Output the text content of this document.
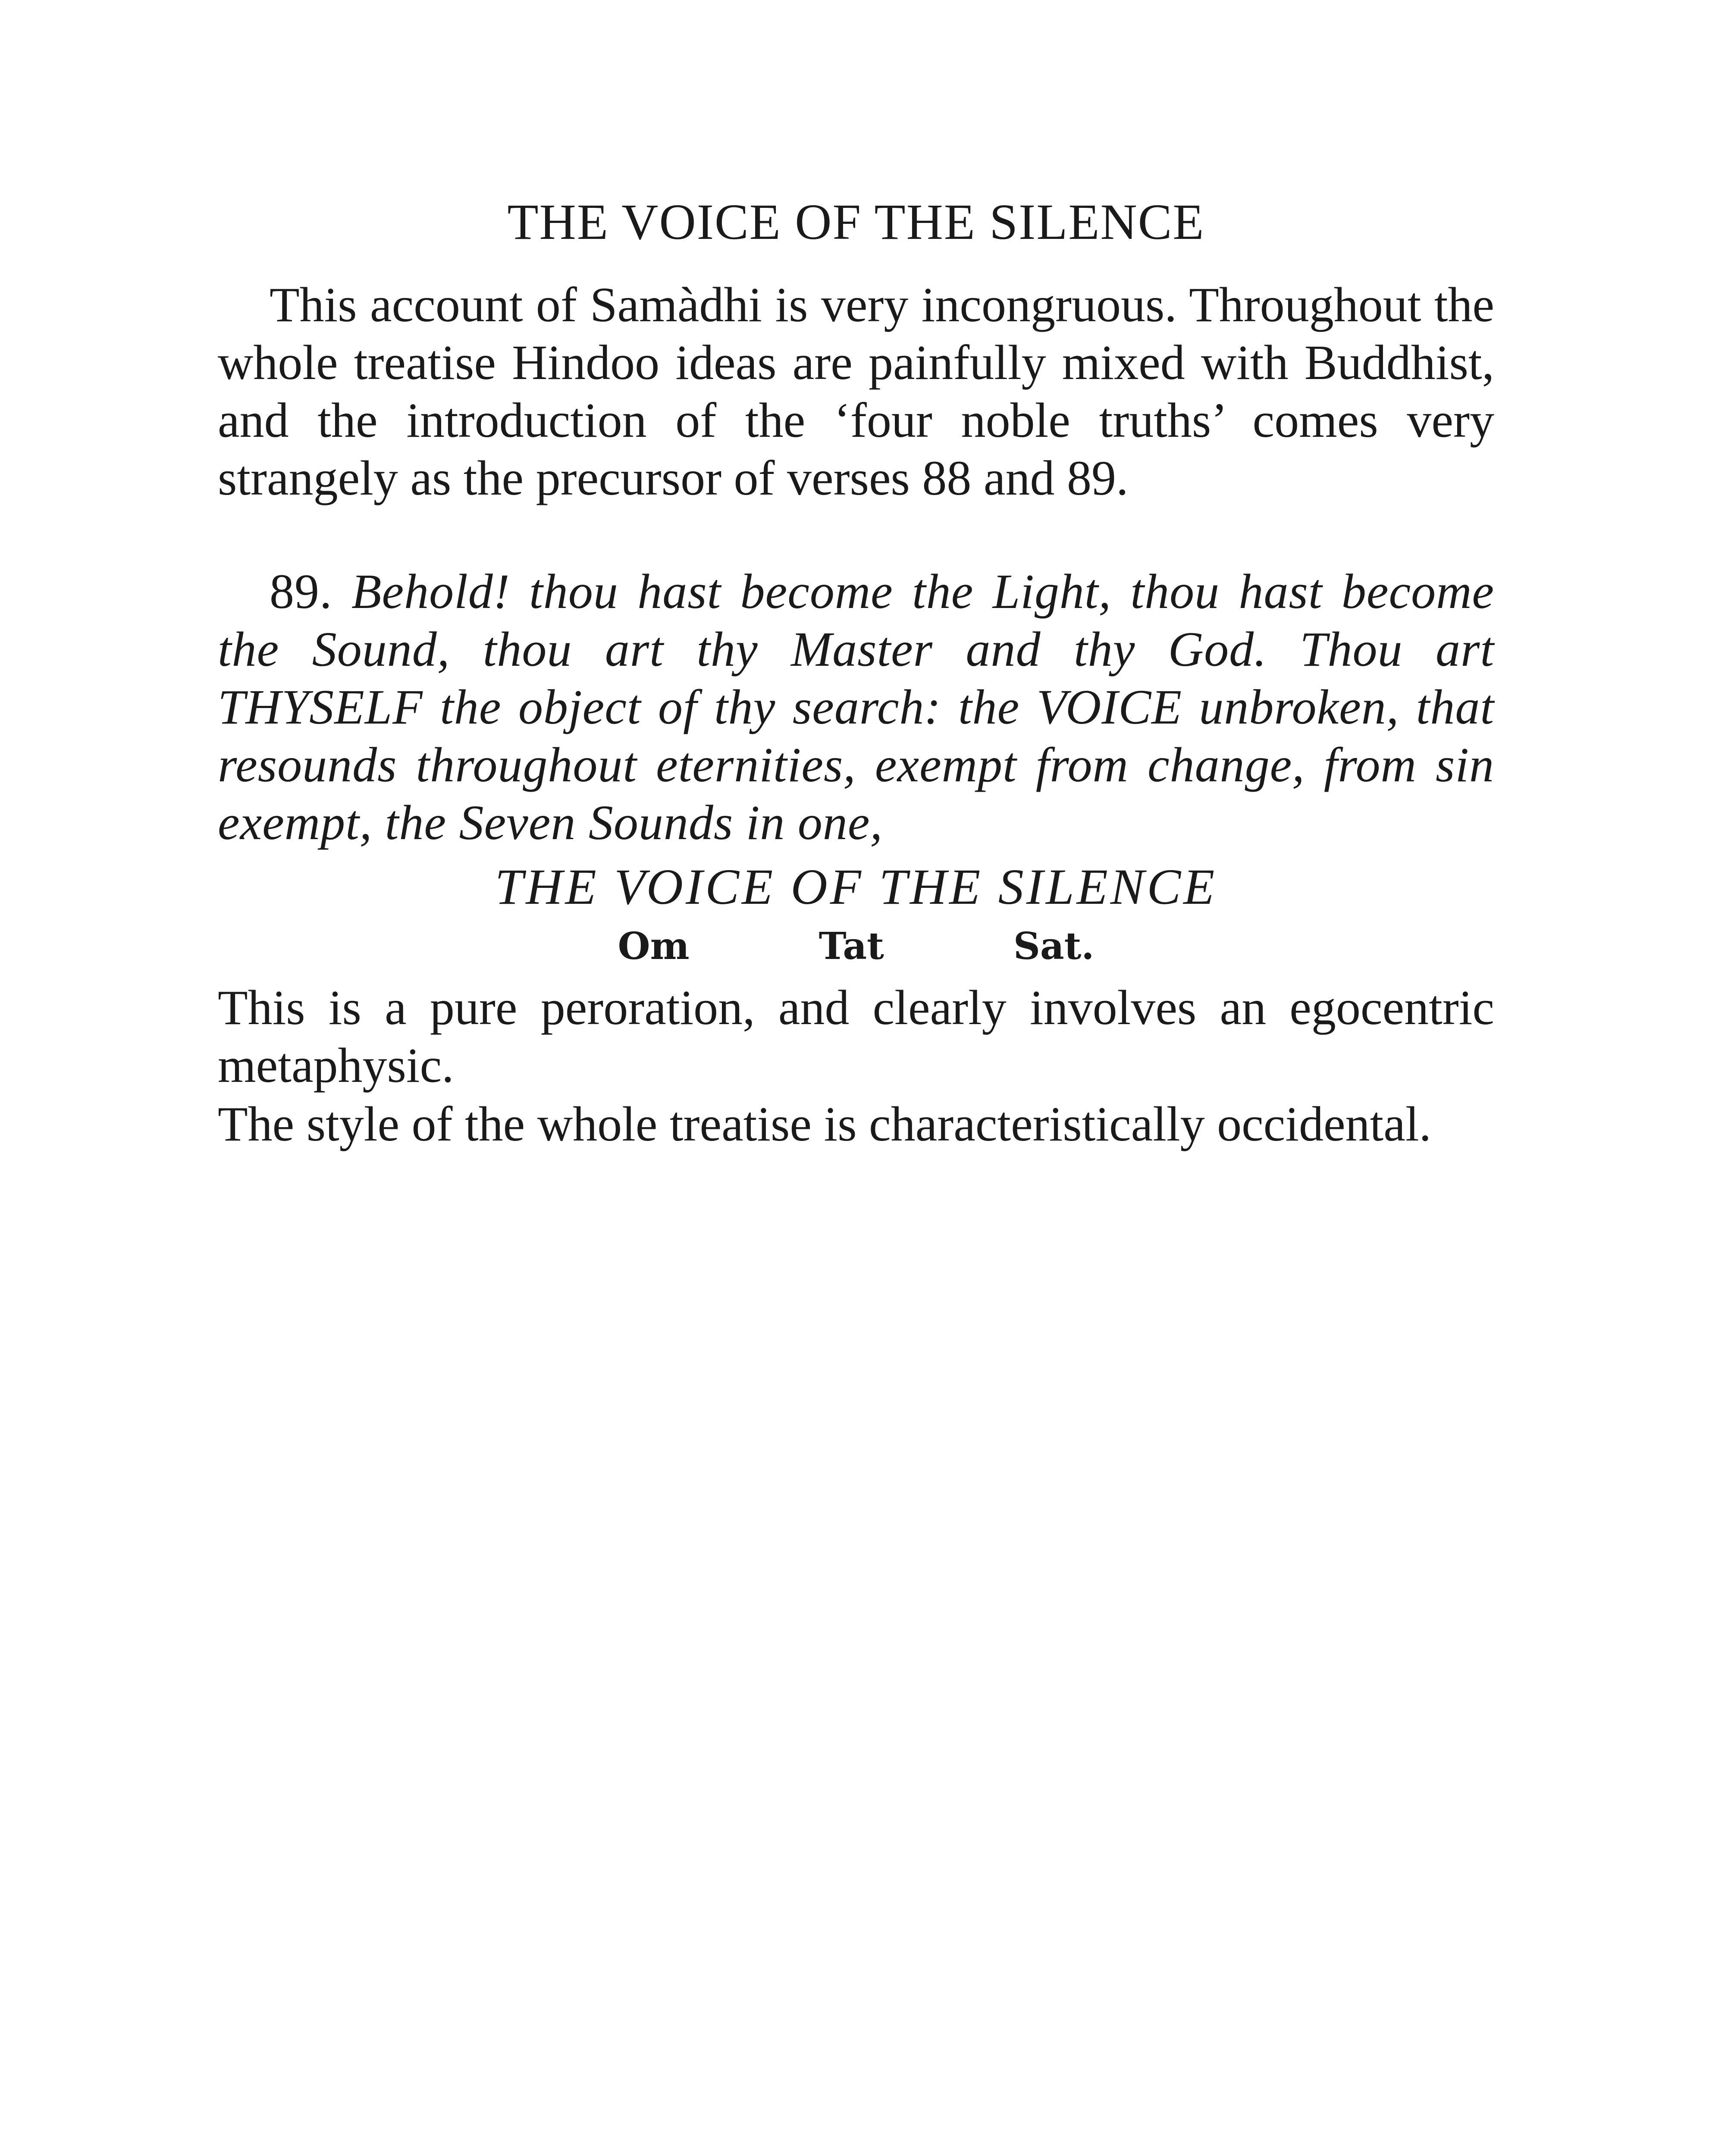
THE VOICE OF THE SILENCE

This account of Samàdhi is very incongruous. Throughout the whole treatise Hindoo ideas are painfully mixed with Buddhist, and the introduction of the ‘four noble truths’ comes very strangely as the precursor of verses 88 and 89.

89. Behold! thou hast become the Light, thou hast become the Sound, thou art thy Master and thy God. Thou art THYSELF the object of thy search: the VOICE unbroken, that resounds throughout eternities, exempt from change, from sin exempt, the Seven Sounds in one,

THE VOICE OF THE SILENCE
Om	Tat	Sat.

This is a pure peroration, and clearly involves an egocentric metaphysic.

The style of the whole treatise is characteristically occidental.
